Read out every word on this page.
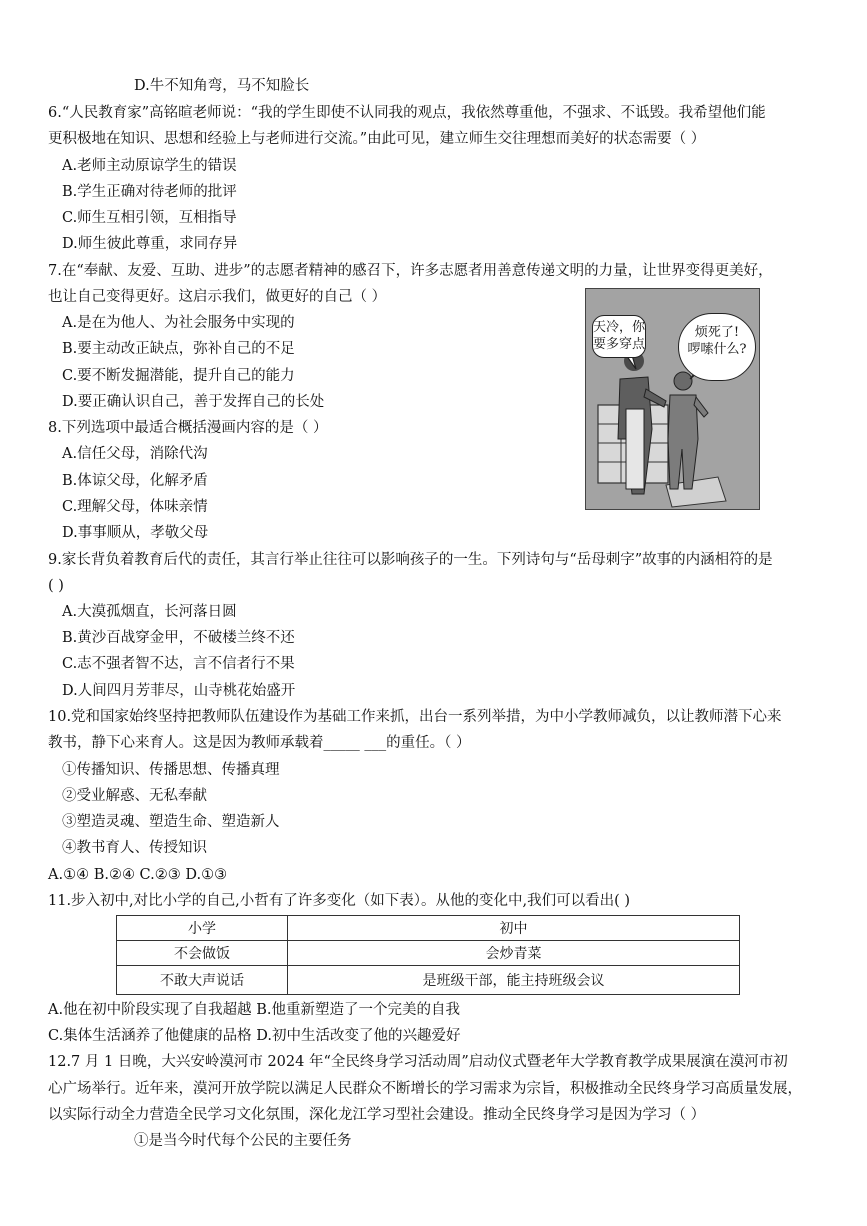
D.牛不知角弯，马不知脸长
6.“人民教育家”高铭暄老师说：“我的学生即使不认同我的观点，我依然尊重他，不强求、不诋毁。我希望他们能
更积极地在知识、思想和经验上与老师进行交流。”由此可见，建立师生交往理想而美好的状态需要（ ）
A.老师主动原谅学生的错误
B.学生正确对待老师的批评
C.师生互相引领，互相指导
D.师生彼此尊重，求同存异
7.在“奉献、友爱、互助、进步”的志愿者精神的感召下，许多志愿者用善意传递文明的力量，让世界变得更美好，
也让自己变得更好。这启示我们，做更好的自己（ ）
A.是在为他人、为社会服务中实现的
B.要主动改正缺点，弥补自己的不足
C.要不断发掘潜能，提升自己的能力
D.要正确认识自己，善于发挥自己的长处
8.下列选项中最适合概括漫画内容的是（ ）
A.信任父母，消除代沟
B.体谅父母，化解矛盾
C.理解父母，体味亲情
D.事事顺从，孝敬父母
天冷，你
要多穿点
烦死了!
啰嗦什么?
9.家长背负着教育后代的责任，其言行举止往往可以影响孩子的一生。下列诗句与“岳母刺字”故事的内涵相符的是
( )
A.大漠孤烟直，长河落日圆
B.黄沙百战穿金甲，不破楼兰终不还
C.志不强者智不达，言不信者行不果
D.人间四月芳菲尽，山寺桃花始盛开
10.党和国家始终坚持把教师队伍建设作为基础工作来抓，出台一系列举措，为中小学教师减负，以让教师潜下心来
教书，静下心来育人。这是因为教师承载着_____ ___的重任。（ ）
①传播知识、传播思想、传播真理
②受业解惑、无私奉献
③塑造灵魂、塑造生命、塑造新人
④教书育人、传授知识
A.①④ B.②④ C.②③ D.①③
11.步入初中,对比小学的自己,小哲有了许多变化（如下表）。从他的变化中,我们可以看出( )
小学	初中
不会做饭	会炒青菜
不敢大声说话	是班级干部，能主持班级会议
A.他在初中阶段实现了自我超越 B.他重新塑造了一个完美的自我
C.集体生活涵养了他健康的品格 D.初中生活改变了他的兴趣爱好
12.7 月 1 日晚，大兴安岭漠河市 2024 年“全民终身学习活动周”启动仪式暨老年大学教育教学成果展演在漠河市初
心广场举行。近年来，漠河开放学院以满足人民群众不断增长的学习需求为宗旨，积极推动全民终身学习高质量发展，
以实际行动全力营造全民学习文化氛围，深化龙江学习型社会建设。推动全民终身学习是因为学习（ ）
①是当今时代每个公民的主要任务
